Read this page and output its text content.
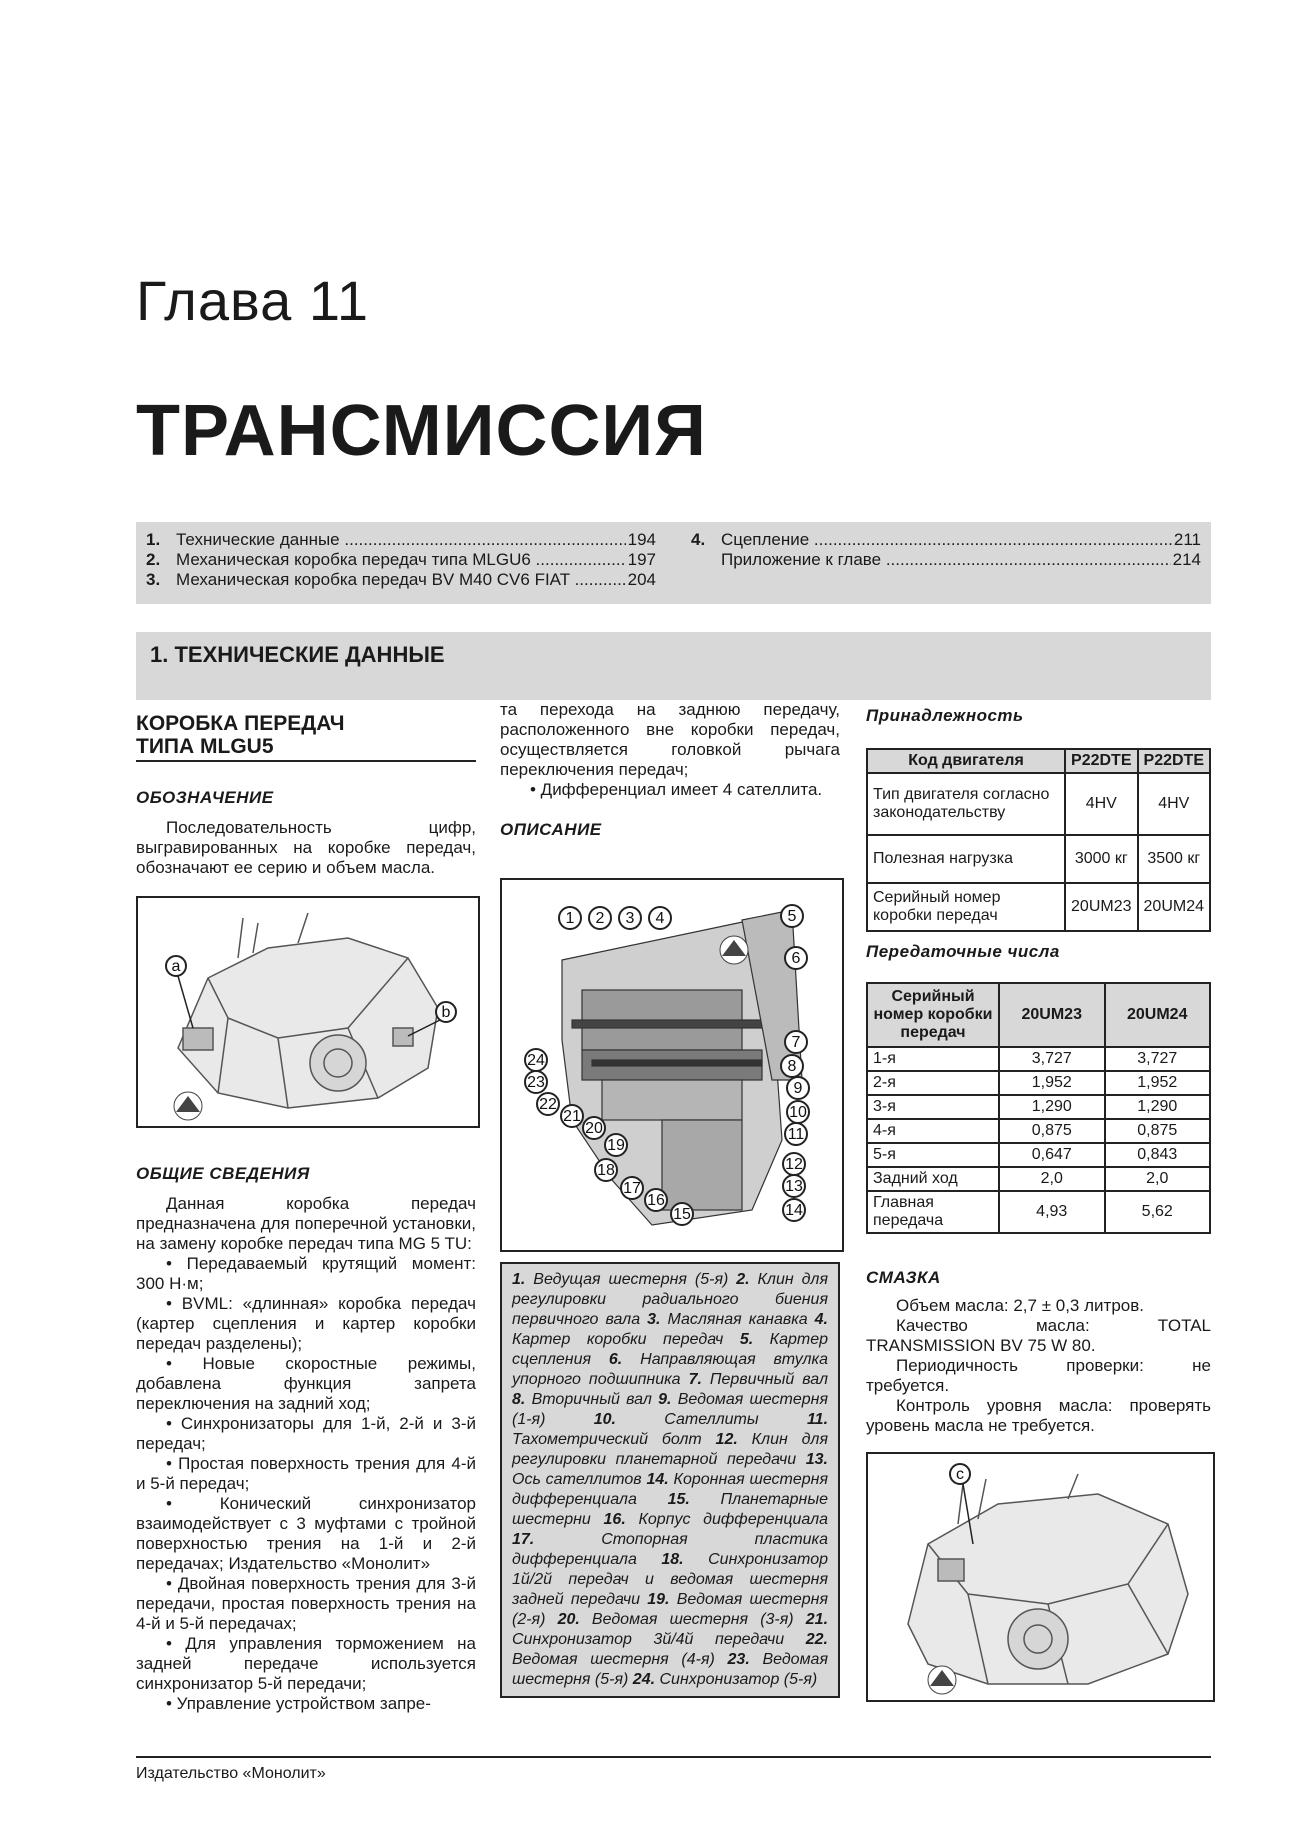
Глава 11
ТРАНСМИССИЯ
1. Технические данные .....	194
2. Механическая коробка передач типа MLGU6 .....	197
3. Механическая коробка передач BV M40 CV6 FIAT .....	204
4. Сцепление .....	211
Приложение к главе .....	214
1. ТЕХНИЧЕСКИЕ ДАННЫЕ
КОРОБКА ПЕРЕДАЧ
ТИПА MLGU5
ОБОЗНАЧЕНИЕ

Последовательность цифр, выгравированных на коробке передач, обозначают ее серию и объем масла.

a
b
ОБЩИЕ СВЕДЕНИЯ

Данная коробка передач предназначена для поперечной установки, на замену коробке передач типа MG 5 TU:

• Передаваемый крутящий момент: 300 Н·м;

• BVML: «длинная» коробка передач (картер сцепления и картер коробки передач разделены);

• Новые скоростные режимы, добавлена функция запрета переключения на задний ход;

• Синхронизаторы для 1-й, 2-й и 3-й передач;

• Простая поверхность трения для 4-й и 5-й передач;

• Конический синхронизатор взаимодействует с 3 муфтами с тройной поверхностью трения на 1-й и 2-й передачах; Издательство «Монолит»

• Двойная поверхность трения для 3-й передачи, простая поверхность трения на 4-й и 5-й передачах;

• Для управления торможением на задней передаче используется синхронизатор 5-й передачи;

• Управление устройством запре-

та перехода на заднюю передачу, расположенного вне коробки передач, осуществляется головкой рычага переключения передач;

• Дифференциал имеет 4 сателлита.

ОПИСАНИЕ
1 2 3 4	5
6
7
8
9
10
11
12
13
14
15
16
17
18
19
20
21
22
23
24
1. Ведущая шестерня (5-я) 2. Клин для регулировки радиального биения первичного вала 3. Масляная канавка 4. Картер коробки передач 5. Картер сцепления 6. Направляющая втулка упорного подшипника 7. Первичный вал 8. Вторичный вал 9. Ведомая шестерня (1-я) 10. Сателлиты 11. Тахометрический болт 12. Клин для регулировки планетарной передачи 13. Ось сателлитов 14. Коронная шестерня дифференциала 15. Планетарные шестерни 16. Корпус дифференциала 17. Стопорная пластика дифференциала 18. Синхронизатор 1й/2й передач и ведомая шестерня задней передачи 19. Ведомая шестерня (2-я) 20. Ведомая шестерня (3-я) 21. Синхронизатор 3й/4й передачи 22. Ведомая шестерня (4-я) 23. Ведомая шестерня (5-я) 24. Синхронизатор (5-я)
Принадлежность
Код двигателя	P22DTE	P22DTE
Тип двигателя согласно законодательству	4HV	4HV
Полезная нагрузка	3000 кг	3500 кг
Серийный номер коробки передач	20UM23	20UM24
Передаточные числа
Серийный номер коробки передач	20UM23	20UM24
1-я	3,727	3,727
2-я	1,952	1,952
3-я	1,290	1,290
4-я	0,875	0,875
5-я	0,647	0,843
Задний ход	2,0	2,0
Главная передача	4,93	5,62
СМАЗКА

Объем масла: 2,7 ± 0,3 литров.

Качество масла: TOTAL TRANSMISSION BV 75 W 80.

Периодичность проверки: не требуется.

Контроль уровня масла: проверять уровень масла не требуется.

c
Издательство «Монолит»
